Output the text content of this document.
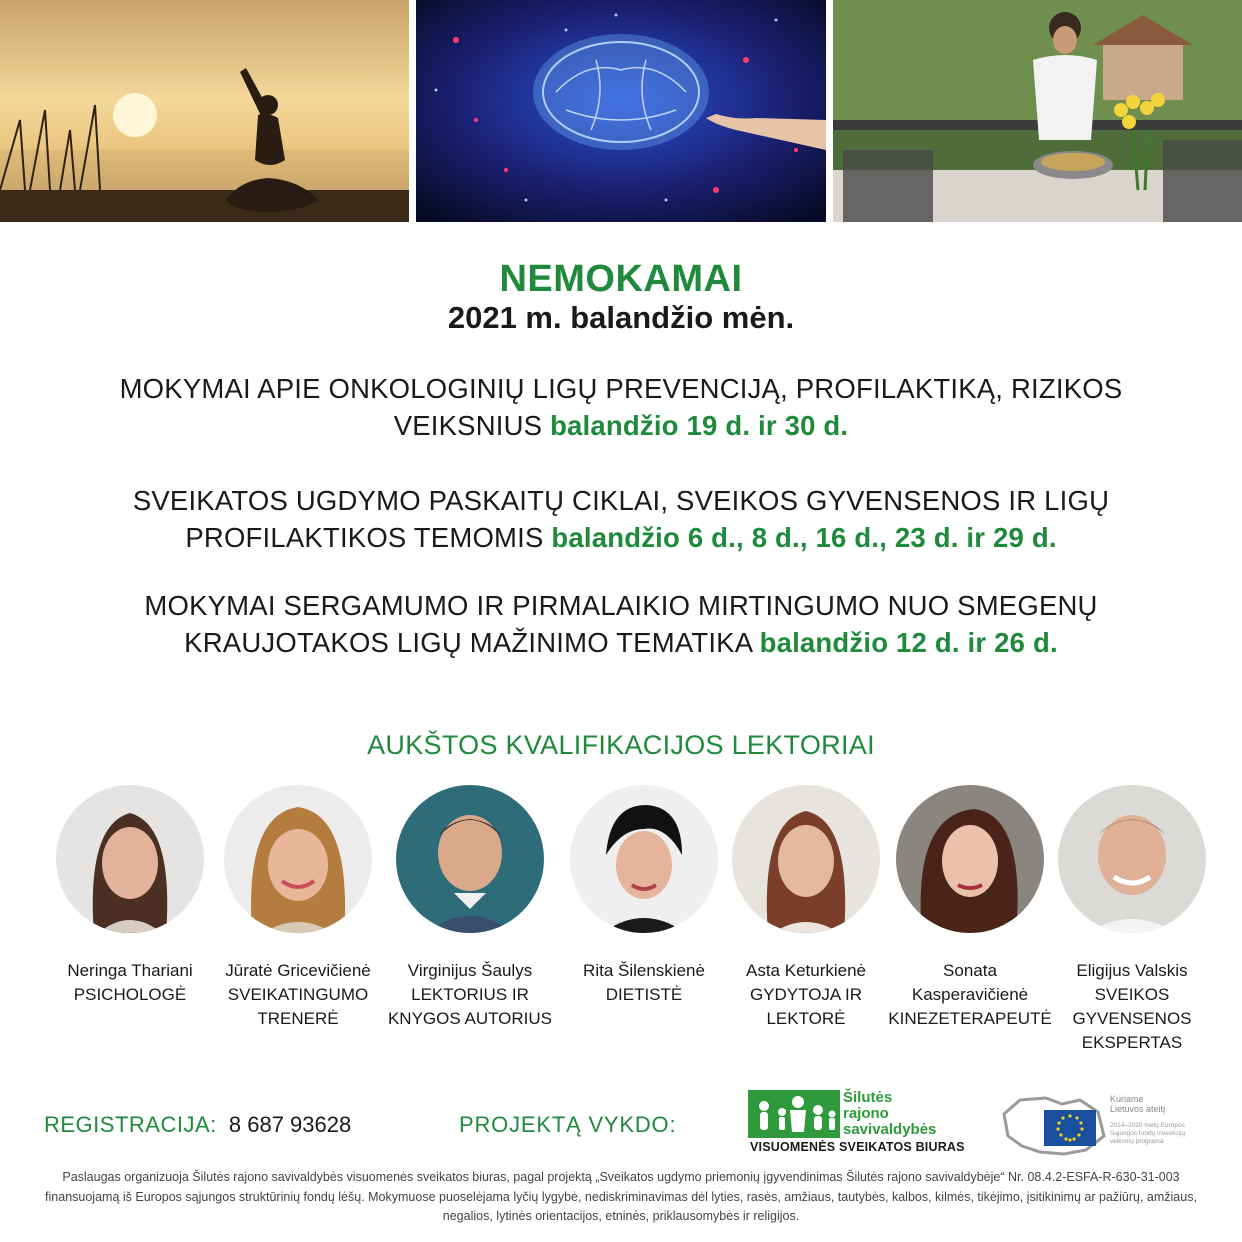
NEMOKAMAI
2021 m. balandžio mėn.
MOKYMAI APIE ONKOLOGINIŲ LIGŲ PREVENCIJĄ, PROFILAKTIKĄ, RIZIKOS VEIKSNIUS balandžio 19 d. ir 30 d.
SVEIKATOS UGDYMO PASKAITŲ CIKLAI, SVEIKOS GYVENSENOS IR LIGŲ PROFILAKTIKOS TEMOMIS balandžio 6 d., 8 d., 16 d., 23 d. ir 29 d.
MOKYMAI SERGAMUMO IR PIRMALAIKIO MIRTINGUMO NUO SMEGENŲ KRAUJOTAKOS LIGŲ MAŽINIMO TEMATIKA balandžio 12 d. ir 26 d.
AUKŠTOS KVALIFIKACIJOS LEKTORIAI
Neringa Thariani
PSICHOLOGĖ
Jūratė Gricevičienė
SVEIKATINGUMO TRENERĖ
Virginijus Šaulys
LEKTORIUS IR KNYGOS AUTORIUS
Rita Šilenskienė
DIETISTĖ
Asta Keturkienė
GYDYTOJA IR LEKTORĖ
Sonata Kasperavičienė
KINEZETERAPEUTĖ
Eligijus Valskis
SVEIKOS GYVENSENOS EKSPERTAS
REGISTRACIJA: 8 687 93628	PROJEKTĄ VYKDO:
Šilutės
rajono
savivaldybės
VISUOMENĖS SVEIKATOS BIURAS
Kuriame
Lietuvos ateitį
2014–2020 metų Europos Sąjungos fondų investicijų veiksmų programa
Paslaugas organizuoja Šilutės rajono savivaldybės visuomenės sveikatos biuras, pagal projektą „Sveikatos ugdymo priemonių įgyvendinimas Šilutės rajono savivaldybėje“ Nr. 08.4.2-ESFA-R-630-31-003 finansuojamą iš Europos sąjungos struktūrinių fondų lėšų. Mokymuose puoselėjama lyčių lygybė, nediskriminavimas dėl lyties, rasės, amžiaus, tautybės, kalbos, kilmės, tikėjimo, įsitikinimų ar pažiūrų, amžiaus, negalios, lytinės orientacijos, etninės, priklausomybės ir religijos.
